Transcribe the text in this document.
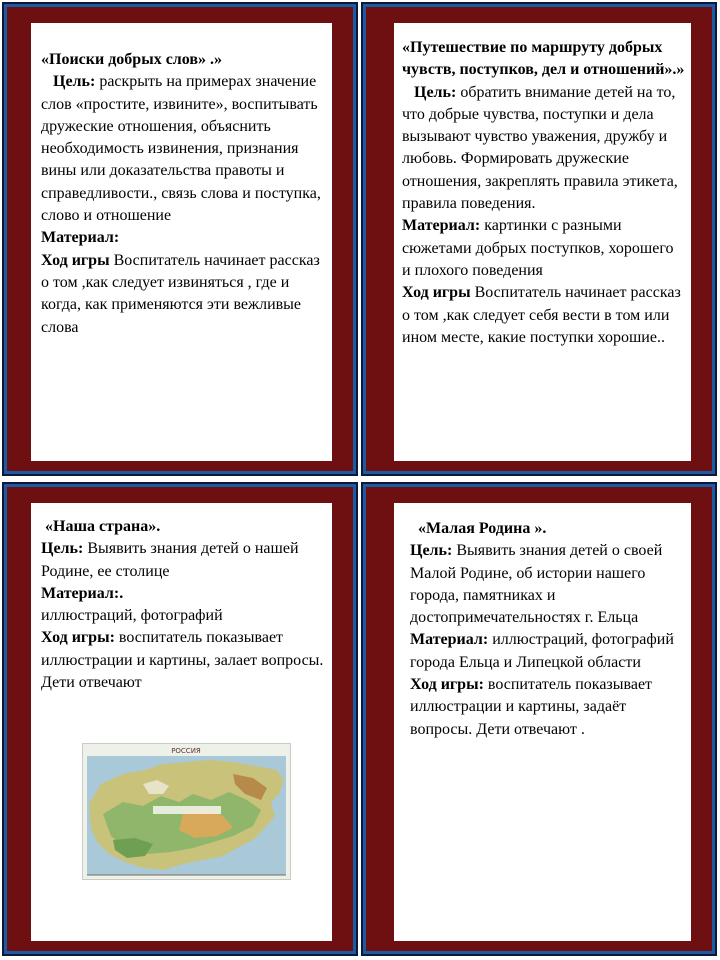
«Поиски добрых слов» .»

Цель: раскрыть на примерах значение слов «простите, извините», воспитывать дружеские отношения, объяснить необходимость извинения, признания вины или доказательства правоты и справедливости., связь слова и поступка, слово и отношение

Материал:

Ход игры Воспитатель начинает рассказ о том ,как следует извиняться , где и когда, как применяются эти вежливые слова

«Путешествие по маршруту добрых чувств, поступков, дел и отношений».»

Цель: обратить внимание детей на то, что добрые чувства, поступки и дела вызывают чувство уважения, дружбу и любовь. Формировать дружеские отношения, закреплять правила этикета, правила поведения.

Материал: картинки с разными сюжетами добрых поступков, хорошего и плохого поведения

Ход игры Воспитатель начинает рассказ о том ,как следует себя вести в том или ином месте, какие поступки хорошие..

«Наша страна».

Цель: Выявить знания детей о нашей Родине, ее столице

Материал:.

иллюстраций, фотографий

Ход игры: воспитатель показывает иллюстрации и картины, залает вопросы. Дети отвечают

РОССИЯ

«Малая Родина ».

Цель: Выявить знания детей о своей Малой Родине, об истории нашего города, памятниках и достопримечательностях г. Ельца

Материал: иллюстраций, фотографий города Ельца и Липецкой области

Ход игры: воспитатель показывает иллюстрации и картины, задаёт вопросы. Дети отвечают .
